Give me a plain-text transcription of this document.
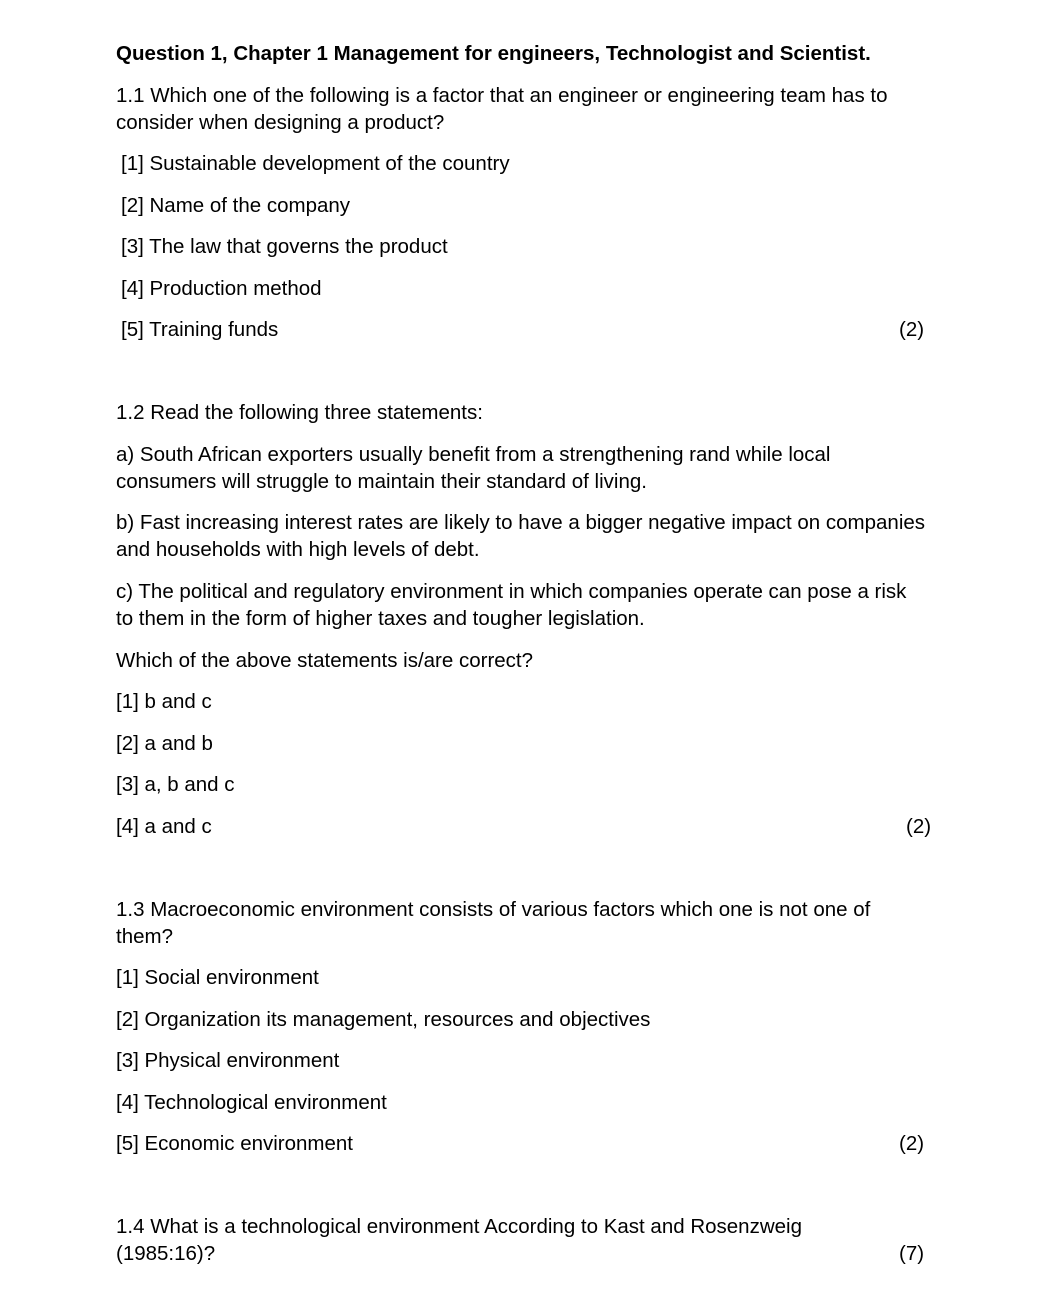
Question 1, Chapter 1 Management for engineers, Technologist and Scientist.

1.1 Which one of the following is a factor that an engineer or engineering team has to consider when designing a product?

[1] Sustainable development of the country

[2] Name of the company

[3] The law that governs the product

[4] Production method

[5] Training funds	(2)

1.2 Read the following three statements:

a) South African exporters usually benefit from a strengthening rand while local consumers will struggle to maintain their standard of living.

b) Fast increasing interest rates are likely to have a bigger negative impact on companies and households with high levels of debt.

c) The political and regulatory environment in which companies operate can pose a risk to them in the form of higher taxes and tougher legislation.

Which of the above statements is/are correct?

[1] b and c

[2] a and b

[3] a, b and c

[4] a and c	(2)

1.3 Macroeconomic environment consists of various factors which one is not one of them?

[1] Social environment

[2] Organization its management, resources and objectives

[3] Physical environment

[4] Technological environment

[5] Economic environment	(2)

1.4 What is a technological environment According to Kast and Rosenzweig (1985:16)?	(7)
